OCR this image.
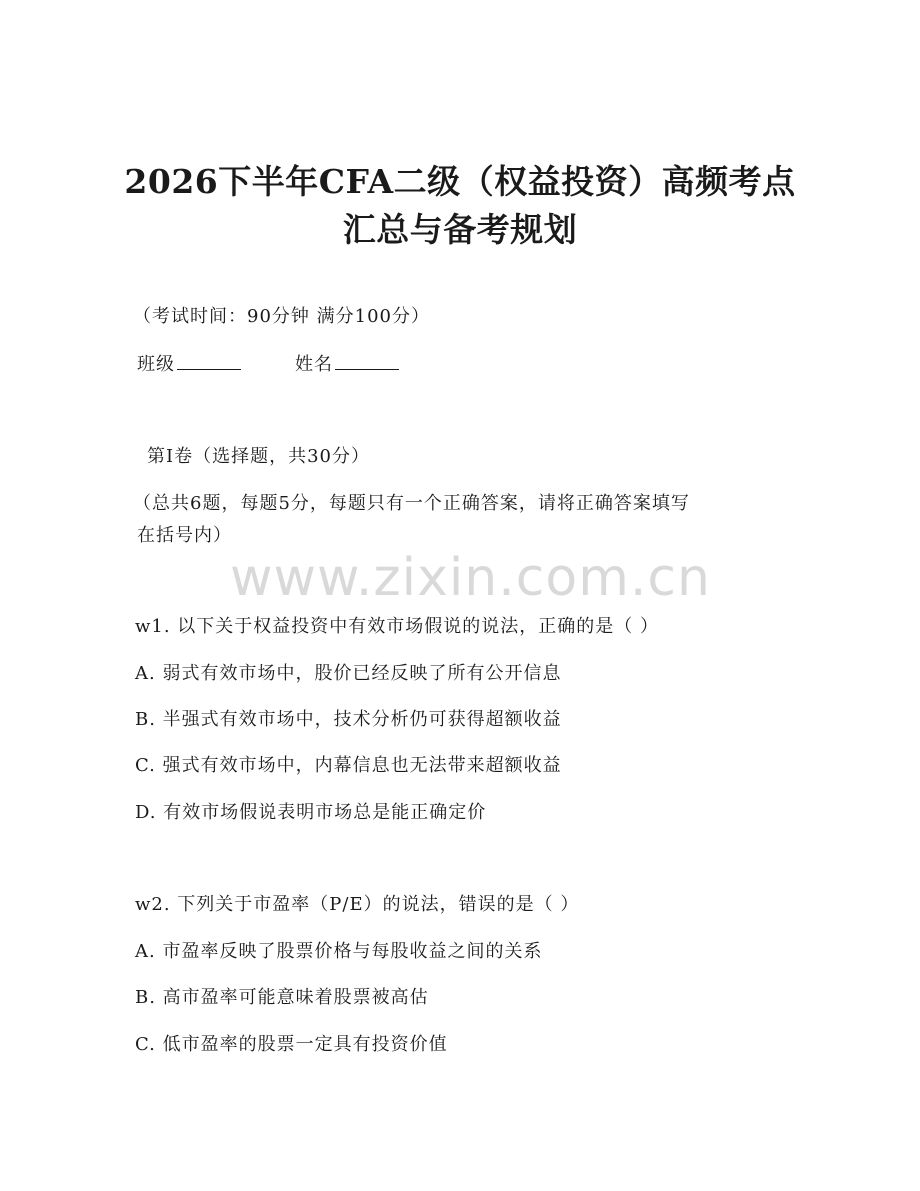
2026下半年CFA二级（权益投资）高频考点
汇总与备考规划
（考试时间：90分钟 满分100分）
班级	姓名
第Ⅰ卷（选择题，共30分）
（总共6题，每题5分，每题只有一个正确答案，请将正确答案填写
在括号内）
www.zixin.com.cn
w1. 以下关于权益投资中有效市场假说的说法，正确的是（ ）
A. 弱式有效市场中，股价已经反映了所有公开信息
B. 半强式有效市场中，技术分析仍可获得超额收益
C. 强式有效市场中，内幕信息也无法带来超额收益
D. 有效市场假说表明市场总是能正确定价
w2. 下列关于市盈率（P/E）的说法，错误的是（ ）
A. 市盈率反映了股票价格与每股收益之间的关系
B. 高市盈率可能意味着股票被高估
C. 低市盈率的股票一定具有投资价值
